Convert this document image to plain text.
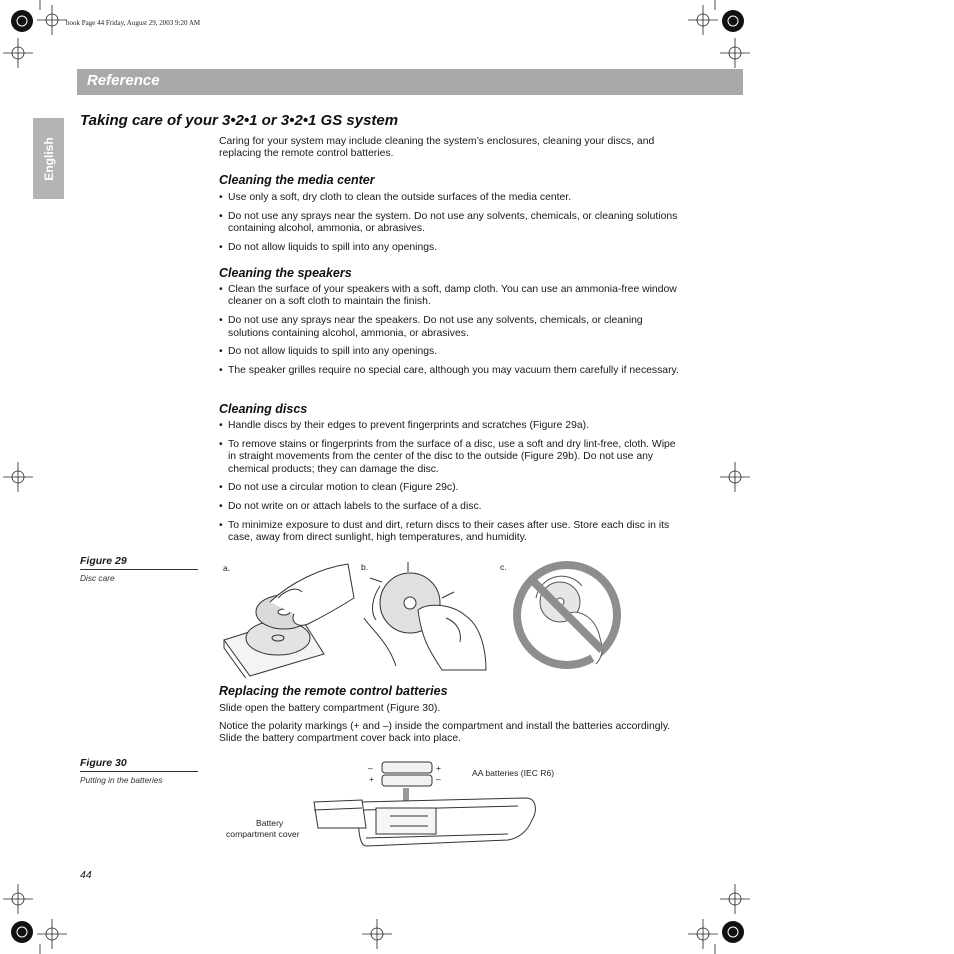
book Page 44 Friday, August 29, 2003 9:20 AM
Reference
English
Taking care of your 3•2•1 or 3•2•1 GS system
Caring for your system may include cleaning the system’s enclosures, cleaning your discs, and replacing the remote control batteries.
Cleaning the media center
• Use only a soft, dry cloth to clean the outside surfaces of the media center.
• Do not use any sprays near the system. Do not use any solvents, chemicals, or cleaning solutions containing alcohol, ammonia, or abrasives.
• Do not allow liquids to spill into any openings.
Cleaning the speakers
• Clean the surface of your speakers with a soft, damp cloth. You can use an ammonia-free window cleaner on a soft cloth to maintain the finish.
• Do not use any sprays near the speakers. Do not use any solvents, chemicals, or cleaning solutions containing alcohol, ammonia, or abrasives.
• Do not allow liquids to spill into any openings.
• The speaker grilles require no special care, although you may vacuum them carefully if necessary.
Cleaning discs
• Handle discs by their edges to prevent fingerprints and scratches (Figure 29a).
• To remove stains or fingerprints from the surface of a disc, use a soft and dry lint-free, cloth. Wipe in straight movements from the center of the disc to the outside (Figure 29b). Do not use any chemical products; they can damage the disc.
• Do not use a circular motion to clean (Figure 29c).
• Do not write on or attach labels to the surface of a disc.
• To minimize exposure to dust and dirt, return discs to their cases after use. Store each disc in its case, away from direct sunlight, high temperatures, and humidity.
Figure 29
Disc care
a.	b.	c.
Replacing the remote control batteries
Slide open the battery compartment (Figure 30).
Notice the polarity markings (+ and –) inside the compartment and install the batteries accordingly. Slide the battery compartment cover back into place.
Figure 30
Putting in the batteries
–
+
+
–
AA batteries (IEC R6)
Battery
compartment cover
44
